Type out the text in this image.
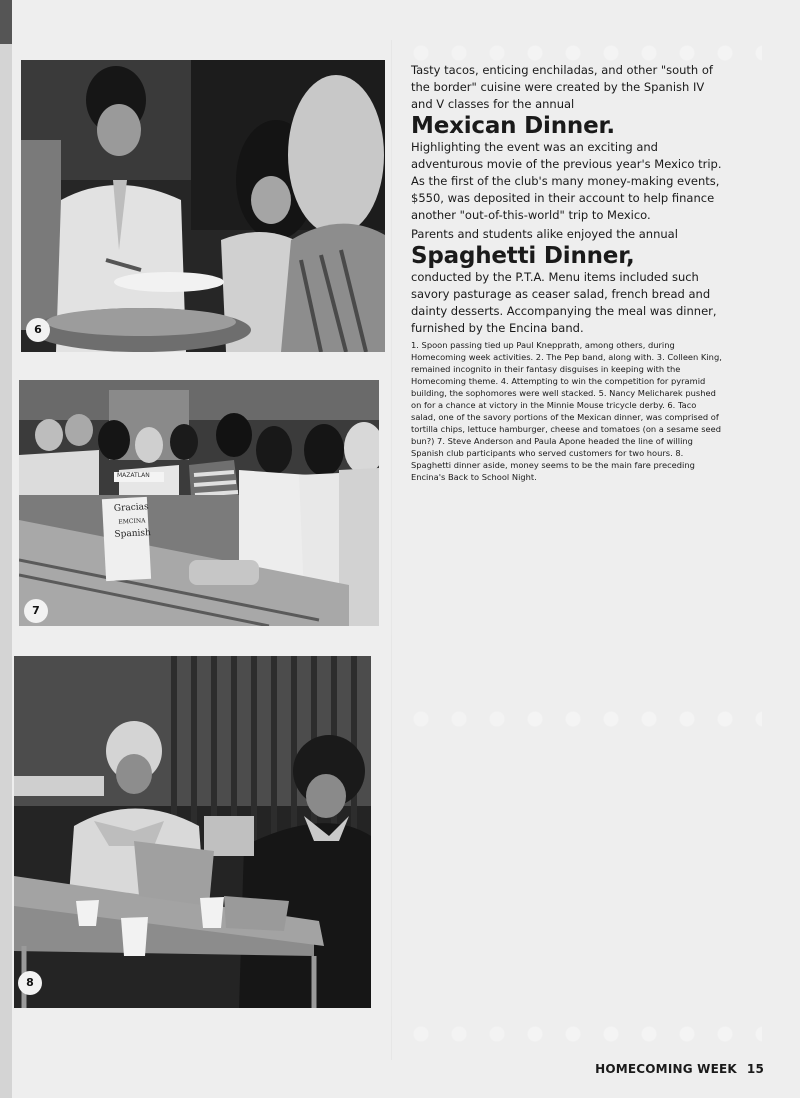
6
Gracias
EMCINA
Spanish
MAZATLAN
7
8

Tasty tacos, enticing enchiladas, and other "south of the border" cuisine were created by the Spanish IV and V classes for the annual

Mexican Dinner.

Highlighting the event was an exciting and adventurous movie of the previous year's Mexico trip. As the first of the club's many money-making events, $550, was deposited in their account to help finance another "out-of-this-world" trip to Mexico.

Parents and students alike enjoyed the annual

Spaghetti Dinner,

conducted by the P.T.A. Menu items included such savory pasturage as ceaser salad, french bread and dainty desserts. Accompanying the meal was dinner, furnished by the Encina band.

1. Spoon passing tied up Paul Knepprath, among others, during Homecoming week activities. 2. The Pep band, along with. 3. Colleen King, remained incognito in their fantasy disguises in keeping with the Homecoming theme. 4. Attempting to win the competition for pyramid building, the sophomores were well stacked. 5. Nancy Melicharek pushed on for a chance at victory in the Minnie Mouse tricycle derby. 6. Taco salad, one of the savory portions of the Mexican dinner, was comprised of tortilla chips, lettuce hamburger, cheese and tomatoes (on a sesame seed bun?) 7. Steve Anderson and Paula Apone headed the line of willing Spanish club participants who served customers for two hours. 8. Spaghetti dinner aside, money seems to be the main fare preceding Encina's Back to School Night.

HOMECOMING WEEK 15
